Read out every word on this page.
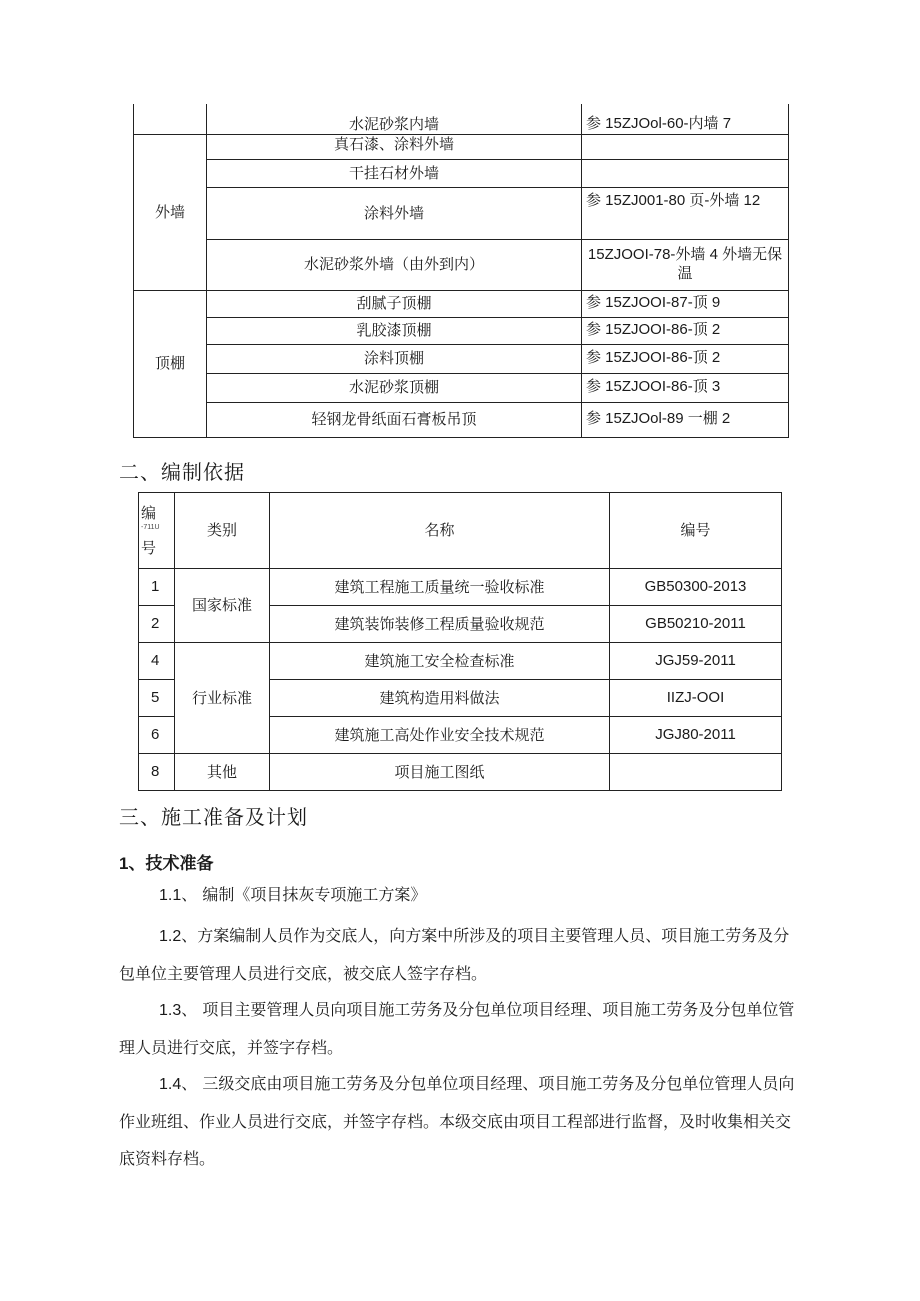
	水泥砂浆内墙	参 15ZJOol-60-内墙 7
外墙	真石漆、涂料外墙	
	干挂石材外墙	
	涂料外墙	参 15ZJ001-80 页-外墙 12
	水泥砂浆外墙（由外到内）	15ZJOOI-78-外墙 4 外墙无保温
顶棚	刮腻子顶棚	参 15ZJOOI-87-顶 9
	乳胶漆顶棚	参 15ZJOOI-86-顶 2
	涂料顶棚	参 15ZJOOI-86-顶 2
	水泥砂浆顶棚	参 15ZJOOI-86-顶 3
	轻钢龙骨纸面石膏板吊顶	参 15ZJOol-89 一棚 2
二、编制依据
编
-711U
号	类别	名称	编号
1	国家标准	建筑工程施工质量统一验收标准	GB50300-2013
2		建筑装饰装修工程质量验收规范	GB50210-2011
4	行业标准	建筑施工安全检查标准	JGJ59-2011
5		建筑构造用料做法	IIZJ-OOI
6		建筑施工高处作业安全技术规范	JGJ80-2011
8	其他	项目施工图纸	
三、施工准备及计划
1、技术准备
1.1、 编制《项目抹灰专项施工方案》
1.2、方案编制人员作为交底人，向方案中所涉及的项目主要管理人员、项目施工劳务及分包单位主要管理人员进行交底，被交底人签字存档。
1.3、 项目主要管理人员向项目施工劳务及分包单位项目经理、项目施工劳务及分包单位管理人员进行交底，并签字存档。
1.4、 三级交底由项目施工劳务及分包单位项目经理、项目施工劳务及分包单位管理人员向作业班组、作业人员进行交底，并签字存档。本级交底由项目工程部进行监督，及时收集相关交底资料存档。
